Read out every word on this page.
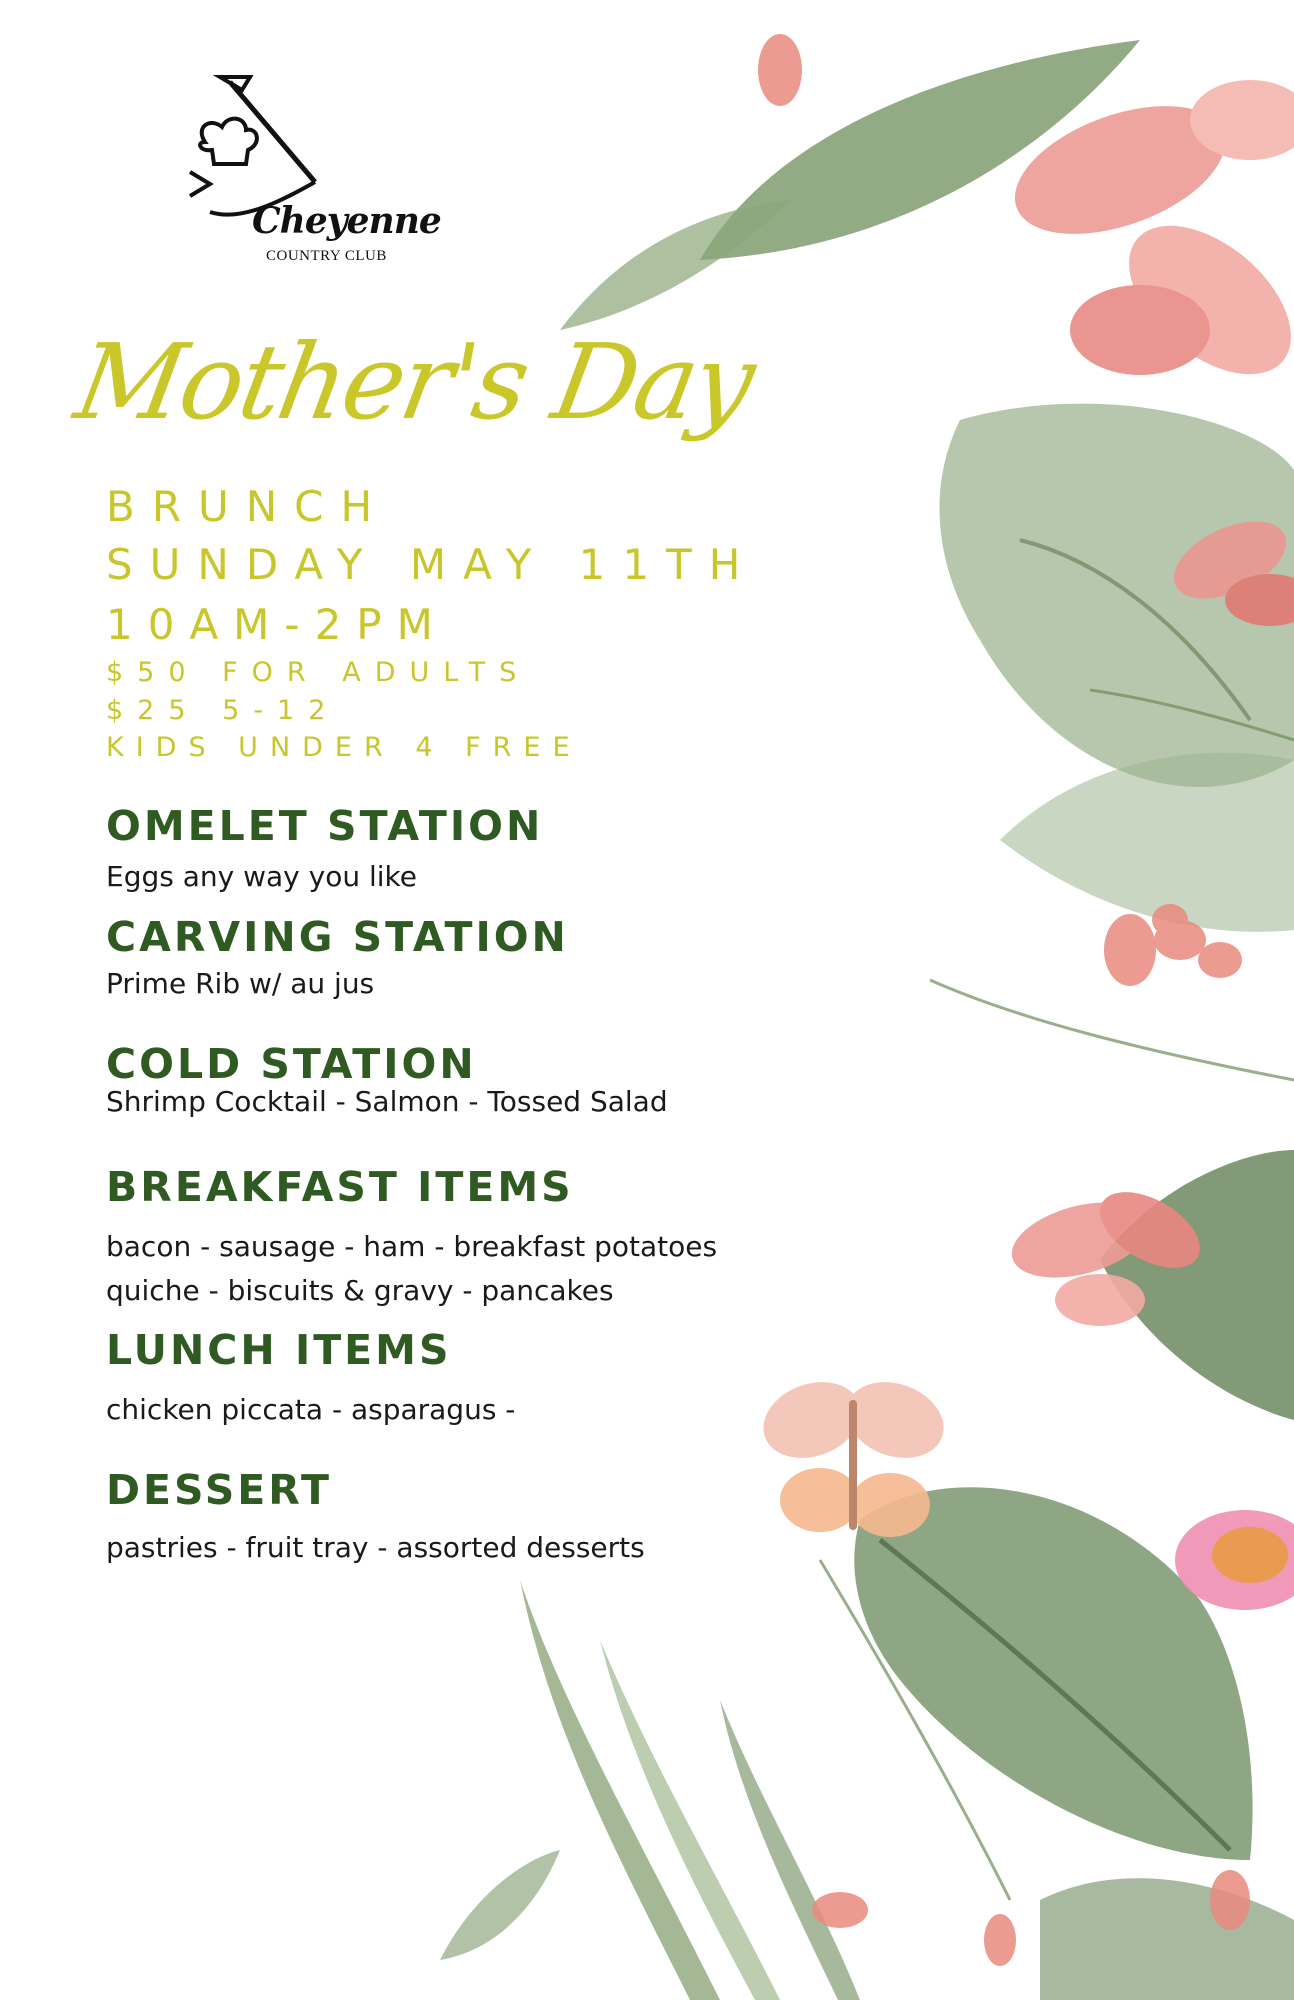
Cheyenne
COUNTRY CLUB
Mother's Day
BRUNCH
SUNDAY MAY 11TH
10AM-2PM
$50 FOR ADULTS
$25 5-12
KIDS UNDER 4 FREE
OMELET STATION
Eggs any way you like
CARVING STATION
Prime Rib w/ au jus
COLD STATION
Shrimp Cocktail - Salmon - Tossed Salad
BREAKFAST ITEMS
bacon - sausage - ham - breakfast potatoes
quiche - biscuits & gravy - pancakes
LUNCH ITEMS
chicken piccata - asparagus -
DESSERT
pastries - fruit tray - assorted desserts
